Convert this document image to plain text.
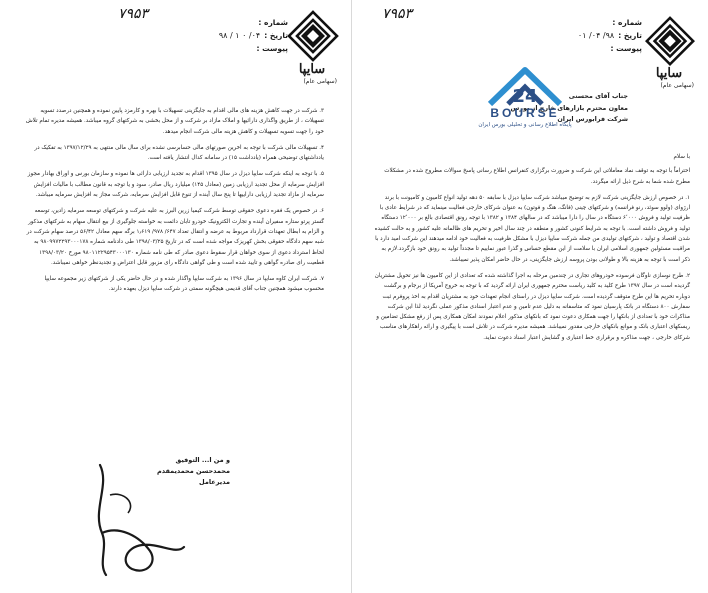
سایپا
(سهامی عام)
۷۹۵۳
شماره :
تاریخ :
۰۴/ ۰ ۱ / ۹۸
پیوست :

۳. شرکت در جهت کاهش هزینه های مالی اقدام به جایگزینی تسهیلات با بهره و کارمزد پایین نموده و همچنین درصدد تسویه تسهیلات ، از طریق واگذاری دارائیها و املاک مازاد بر شرکت و از محل بخشی به شرکتهای گروه میباشد. همیشه مدیره تمام تلاش خود را جهت تسویه تسهیلات و کاهش هزینه مالی شرکت انجام میدهد.

۴. تسهیلات مالی شرکت با توجه به اخرین صورتهای مالی حسابرسی نشده برای سال مالی منتهی به ۱۳۹۷/۱۲/۲۹ به تفکیک در یادداشتهای توضیحی همراه (یادداشت ۱۵) در سامانه کدال انتشار یافته است.

۵. با توجه به اینکه شرکت سایپا دیزل در سال ۱۳۹۵ اقدام به تجدید ارزیابی دارائی ها نموده و سازمان بورس و اوراق بهادار مجوز افزایش سرمایه از محل تجدید ارزیابی زمین (معادل ۱۴۵) میلیارد ریال صادر، سود و یا توجه به قانون مطالب با مالیات افزایش سرمایه از مازاد تجدید ارزیابی داراییها تا پنج سال آینده از تنوع قابل افزایش سرمایه، شرکت مجاز به افزایش سرمایه میباشد.

۶. در خصوص یک فقره دعوی حقوقی توسط شرکت کیمیا زرین البرز به علیه شرکت و شرکتهای توسعه سرمایه زادین، توسعه گستر پرتو ستاره سفیران آینده و تجارت الکترونیک خودرو تابان دائمت به خواسته جلوگیری از بیع انتقال سهام به شرکتهای مذکور و الزام به ابطال تعهدات قرارداد مربوط به عرضه و انتقال تعداد ۶۴۷/ ۹۷۸/ ۱٫۶۱۹ برگه سهم معادل ۵۶/۴۲ درصد سهام شرکت در شبه سهم دادگاه حقوقی بخش کهریزک مواجه شده است که در تاریخ ۱۳۹۸/۰۳/۲۵ طی دادنامه شماره ۹۸۰۹۹۷۲۲۹۳۰۰۰۱۷۸ به لحاظ استرداد دعوی از سوی خواهان قرار سقوط دعوی صادر که طی نامه شماره ۹۸۰۱۱۲۲۹۵۴۳۰۰۰۱۳۰ مورخ ۱۳۹۸/۰۳/۲۰ قطعیت رای صادره گواهی و تایید شده است و طی گواهی دادگاه رای مزبور قابل اعتراض و تجدیدنظر خواهی نمیباشد.

۷. شرکت ایران کاوه سایپا در سال ۱۳۹۶ به شرکت سایپا واگذار شده و در حال حاضر یکی از شرکتهای زیر مجموعه سایپا محسوب میشود همچنین جناب آقای قدیمی هیچگونه سمتی در شرکت سایپا دیزل بعهده دارند.

و من ا... التوفیق
محمدحسن محمدیمقدم
مدیرعامل
سایپا
(سهامی عام)
۷۹۵۳
شماره :
تاریخ :
۹۸/ ۰۴/ ۰۱
پیوست :

جناب آقای محسنی

معاون محترم بازارهای خارج از بورس

شرکت فرابورس ایران

24
BOURSE
پایگاه اطلاع رسانی و تحلیلی بورس ایران

با سلام

احتراماً با توجه به توقف نماد معاملاتی این شرکت و ضرورت برگزاری کنفرانس اطلاع رسانی پاسخ سوالات مطروح شده در مشکلات مطرح شده شما به شرح ذیل ارائه میگردد.

۱. در خصوص ارزش جایگزینی شرکت لازم به توضیح میباشد شرکت سایپا دیزل با سابقه ۵۰ دهه تولید انواع کامیون و کامیونت با برند ارژوای (ولوو سوئد، رنو فرانسه) و شرکتهای چینی (فانگ، هنگ و فوتون) به عنوان شرکای خارجی فعالیت مینماید که در شرایط عادی با ظرفیت تولید و فروش ۶٬۰۰۰ دستگاه در سال را دارا میباشد که در سالهای ۱۳۸۴ و ۱۳۸۲ با توجه رونق اقتصادی بالغ بر ۱۲٬۰۰۰ دستگاه تولید و فروش داشته است. با توجه به شرایط کنونی کشور و منطقه در چند سال اخیر و تحریم های ظالمانه علیه کشور و به حالت کشیده شدن اقتصاد و تولید ، شرکتهای تولیدی من جمله شرکت سایپا دیزل با مشکل ظرفیت به فعالیت خود ادامه میدهند این شرکت امید دارد با مراقبت مسئولین جمهوری اسلامی ایران با سلامت از این مقطع حساس و گذرا عبور نماییم تا مجدداً تولید به رونق خود بازگردد.لازم به ذکر است با توجه به هزینه بالا و طولانی بودن پروسه ارزش جایگزینی، در حال حاضر امکان پذیر نمیباشد.

۲. طرح نوسازی ناوگان فرسوده خودروهای تجاری در چندمین مرحله به اجرا گذاشته شده که تعدادی از این کامیون ها نیز تحویل مشتریان گردیده است در سال ۱۳۹۷ طرح کلید به کلید ریاست محترم جمهوری ایران ارائه گردید که با توجه به خروج آمریکا از برجام و برگشت دوباره تحریم ها این طرح متوقف گردیده است. شرکت سایپا دیزل در راستای انجام تعهدات خود به مشتریان اقدام به اخذ پروفرم ثبت سفارش ۸۰۰ دستگاه در بانک پارسیان نمود که متاسفانه به دلیل عدم تامین و عدم اعتبار اسنادی مذکور عملی نگردید لذا این شرکت مذاکرات خود با تعدادی از بانکها را جهت همکاری دعوت نمود که بانکهای مذکور اعلام نمودند امکان همکاری پس از رفع مشکل تضامین و ریسکهای اعتباری بانک و موانع بانکهای خارجی مقدور نمیباشد. همیشه مدیره شرکت در تلاش است با پیگیری و ارائه راهکارهای مناسب شرکای خارجی ، جهت مذاکره و برقراری خط اعتباری و گشایش اعتبار اسناد دعوت نماید.
